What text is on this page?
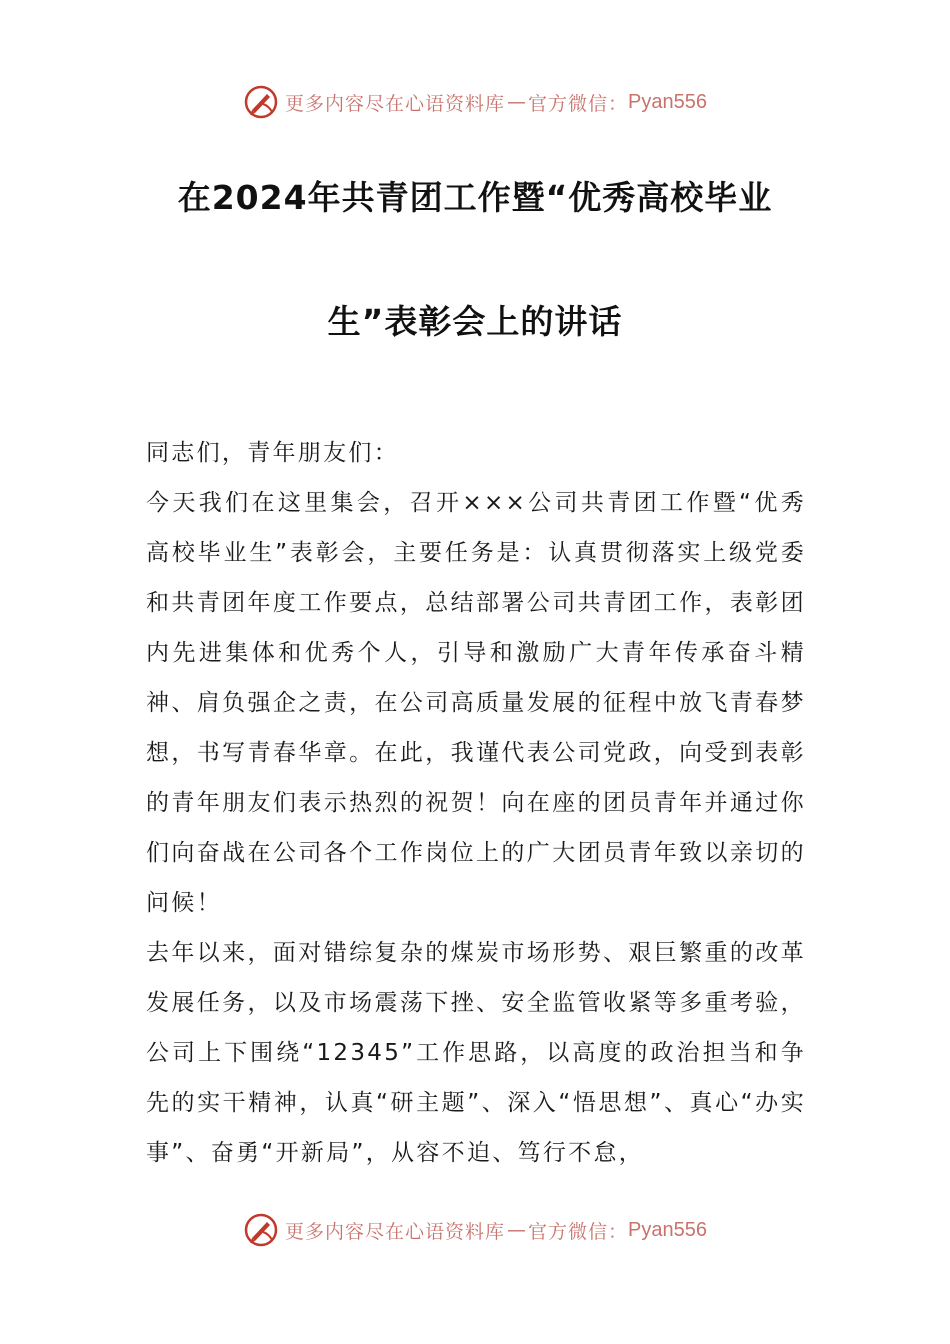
更多内容尽在心语资料库 — 官方微信： Pyan556
在2024年共青团工作暨“优秀高校毕业
生”表彰会上的讲话

同志们，青年朋友们：

今天我们在这里集会，召开×××公司共青团工作暨“优秀高校毕业生”表彰会，主要任务是：认真贯彻落实上级党委和共青团年度工作要点，总结部署公司共青团工作，表彰团内先进集体和优秀个人，引导和激励广大青年传承奋斗精神、肩负强企之责，在公司高质量发展的征程中放飞青春梦想，书写青春华章。在此，我谨代表公司党政，向受到表彰的青年朋友们表示热烈的祝贺！向在座的团员青年并通过你们向奋战在公司各个工作岗位上的广大团员青年致以亲切的问候！

去年以来，面对错综复杂的煤炭市场形势、艰巨繁重的改革发展任务，以及市场震荡下挫、安全监管收紧等多重考验，公司上下围绕“12345”工作思路，以高度的政治担当和争先的实干精神，认真“研主题”、深入“悟思想”、真心“办实事”、奋勇“开新局”，从容不迫、笃行不怠，

更多内容尽在心语资料库 — 官方微信： Pyan556
